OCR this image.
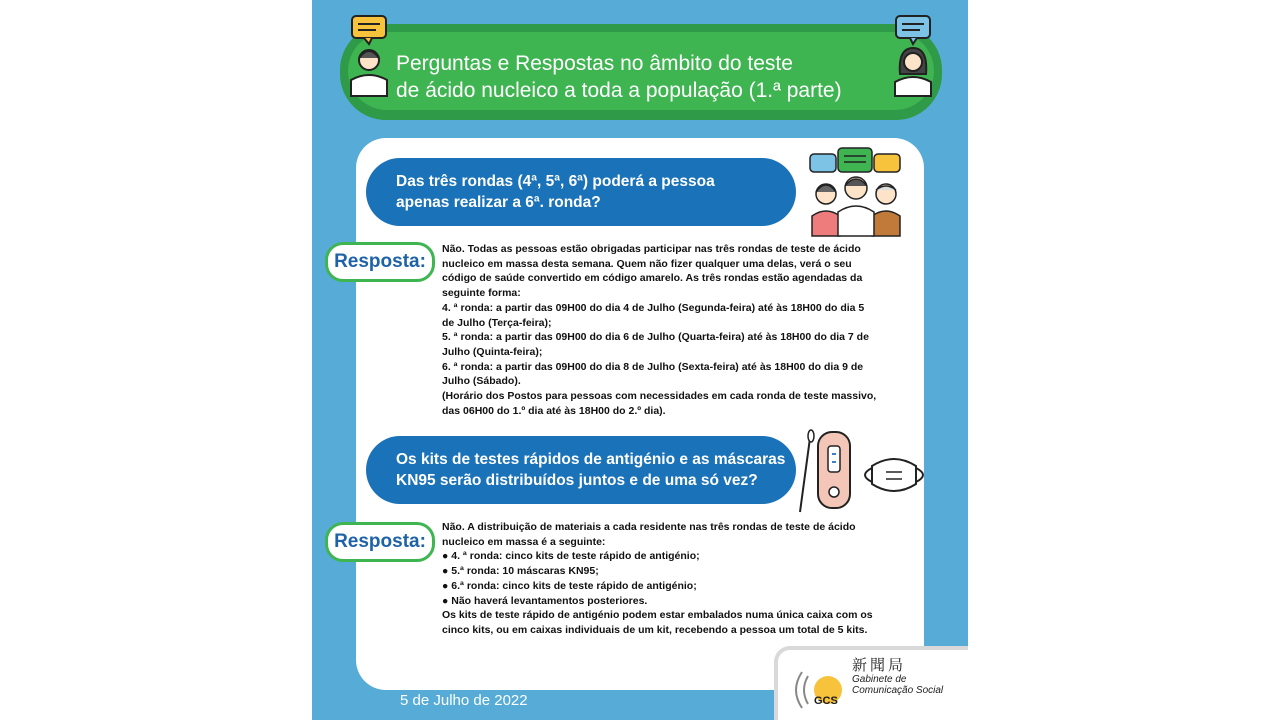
Perguntas e Respostas no âmbito do teste
de ácido nucleico a toda a população (1.ª parte)
Das três rondas (4ª, 5ª, 6ª) poderá a pessoa
apenas realizar a 6ª. ronda?
Resposta:
Não. Todas as pessoas estão obrigadas participar nas três rondas de teste de ácido
nucleico em massa desta semana. Quem não fizer qualquer uma delas, verá o seu
código de saúde convertido em código amarelo. As três rondas estão agendadas da
seguinte forma:
4. ª ronda: a partir das 09H00 do dia 4 de Julho (Segunda-feira) até às 18H00 do dia 5
de Julho (Terça-feira);
5. ª ronda: a partir das 09H00 do dia 6 de Julho (Quarta-feira) até às 18H00 do dia 7 de
Julho (Quinta-feira);
6. ª ronda: a partir das 09H00 do dia 8 de Julho (Sexta-feira) até às 18H00 do dia 9 de
Julho (Sábado).
(Horário dos Postos para pessoas com necessidades em cada ronda de teste massivo,
das 06H00 do 1.º dia até às 18H00 do 2.º dia).
Os kits de testes rápidos de antigénio e as máscaras
KN95 serão distribuídos juntos e de uma só vez?
Resposta:
Não. A distribuição de materiais a cada residente nas três rondas de teste de ácido
nucleico em massa é a seguinte:
● 4. ª ronda: cinco kits de teste rápido de antigénio;
● 5.ª ronda: 10 máscaras KN95;
● 6.ª ronda: cinco kits de teste rápido de antigénio;
● Não haverá levantamentos posteriores.
Os kits de teste rápido de antigénio podem estar embalados numa única caixa com os
cinco kits, ou em caixas individuais de um kit, recebendo a pessoa um total de 5 kits.
5 de Julho de 2022	GCS
新聞局
Gabinete de
Comunicação Social
